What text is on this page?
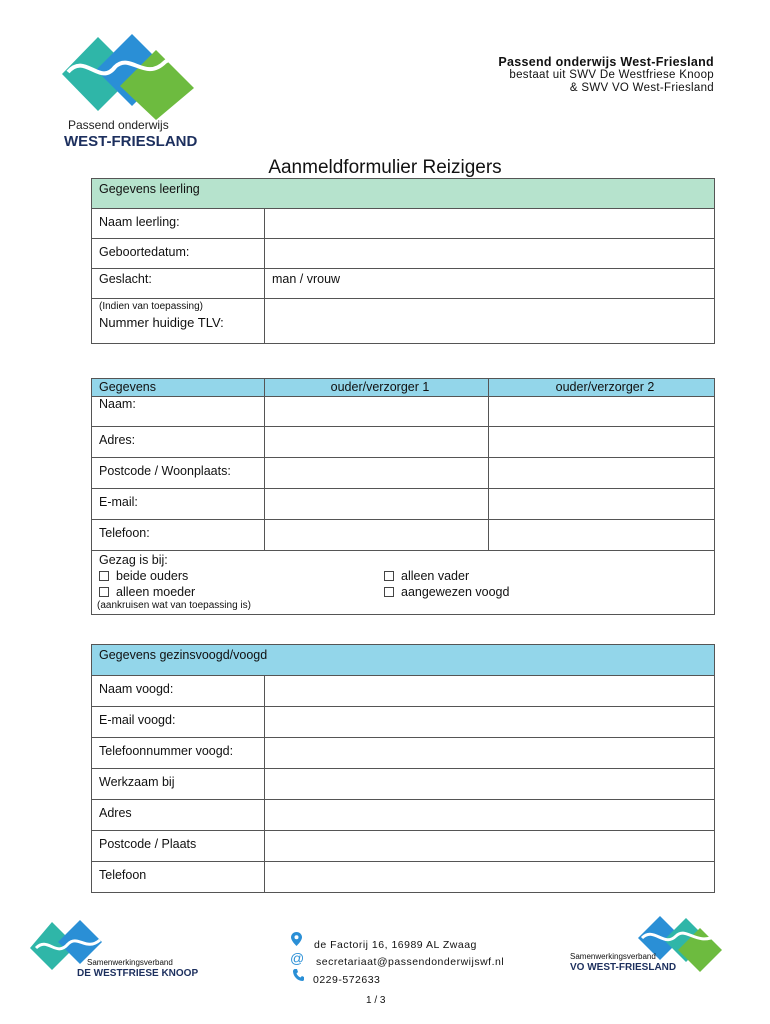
Passend onderwijs
WEST-FRIESLAND
Passend onderwijs West-Friesland
bestaat uit SWV De Westfriese Knoop
& SWV VO West-Friesland
Aanmeldformulier Reizigers
Gegevens leerling	
Naam leerling:	
Geboortedatum:	
Geslacht:	man / vrouw

(Indien van toepassing)
Nummer huidige TLV:	

Gegevens	ouder/verzorger 1	ouder/verzorger 2
Naam:		
Adres:		
Postcode / Woonplaats:		
E-mail:		
Telefoon:		
Gezag is bij:
beide ouders
alleen moeder
alleen vader
aangewezen voogd
(aankruisen wat van toepassing is)
Gegevens gezinsvoogd/voogd	
Naam voogd:	
E-mail voogd:	
Telefoonnummer voogd:	
Werkzaam bij	
Adres	
Postcode / Plaats	
Telefoon	
Samenwerkingsverband
DE WESTFRIESE KNOOP
de Factorij 16, 16989 AL Zwaag
@ secretariaat@passendonderwijswf.nl
0229-572633
1 / 3
Samenwerkingsverband
VO WEST-FRIESLAND
